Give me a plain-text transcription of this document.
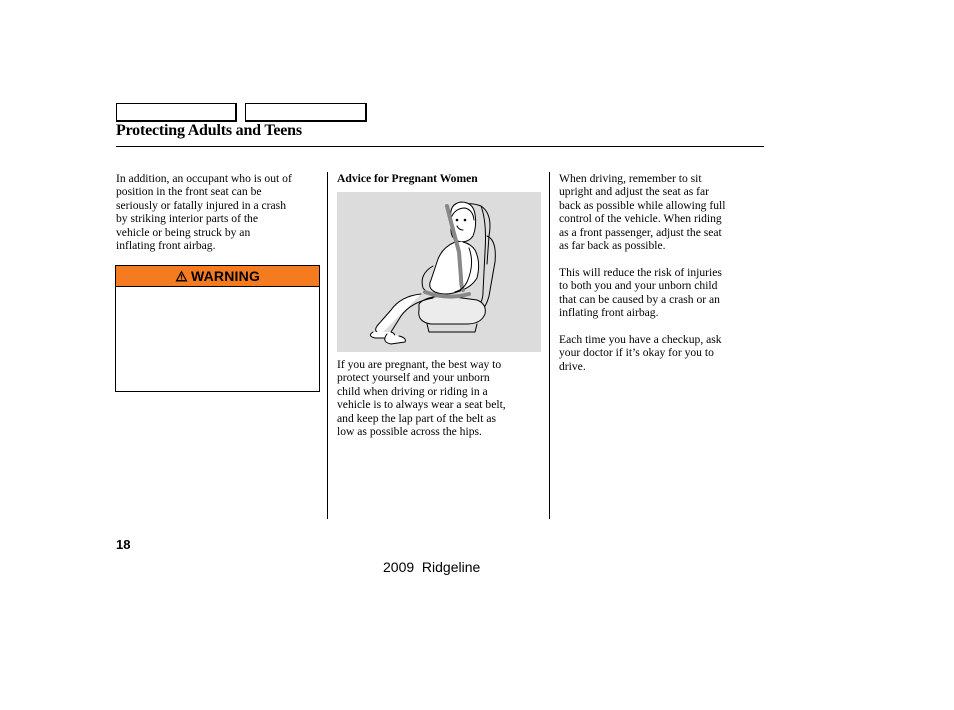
Protecting Adults and Teens

In addition, an occupant who is out of

position in the front seat can be

seriously or fatally injured in a crash

by striking interior parts of the

vehicle or being struck by an

inflating front airbag.

WARNING
Advice for Pregnant Women

If you are pregnant, the best way to

protect yourself and your unborn

child when driving or riding in a

vehicle is to always wear a seat belt,

and keep the lap part of the belt as

low as possible across the hips.

When driving, remember to sit

upright and adjust the seat as far

back as possible while allowing full

control of the vehicle. When riding

as a front passenger, adjust the seat

as far back as possible.

This will reduce the risk of injuries

to both you and your unborn child

that can be caused by a crash or an

inflating front airbag.

Each time you have a checkup, ask

your doctor if it’s okay for you to

drive.

18
2009  Ridgeline
